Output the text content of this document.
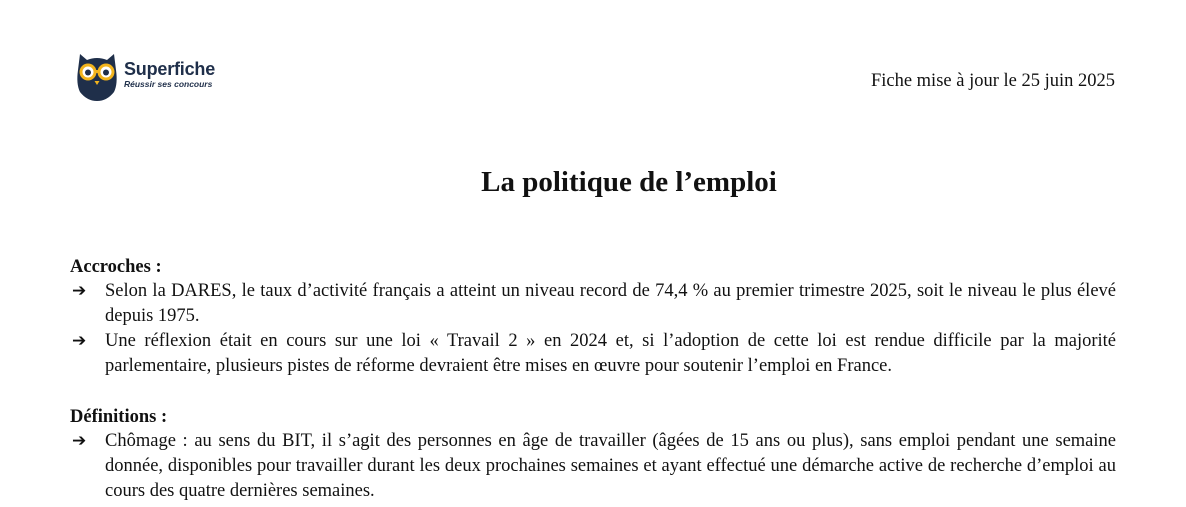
Superfiche
Réussir ses concours	Fiche mise à jour le 25 juin 2025
La politique de l’emploi
Accroches :
➔ Selon la DARES, le taux d’activité français a atteint un niveau record de 74,4 % au premier trimestre 2025, soit le niveau le plus élevé depuis 1975.
➔ Une réflexion était en cours sur une loi « Travail 2 » en 2024 et, si l’adoption de cette loi est rendue difficile par la majorité parlementaire, plusieurs pistes de réforme devraient être mises en œuvre pour soutenir l’emploi en France.
Définitions :
➔ Chômage : au sens du BIT, il s’agit des personnes en âge de travailler (âgées de 15 ans ou plus), sans emploi pendant une semaine donnée, disponibles pour travailler durant les deux prochaines semaines et ayant effectué une démarche active de recherche d’emploi au cours des quatre dernières semaines.
